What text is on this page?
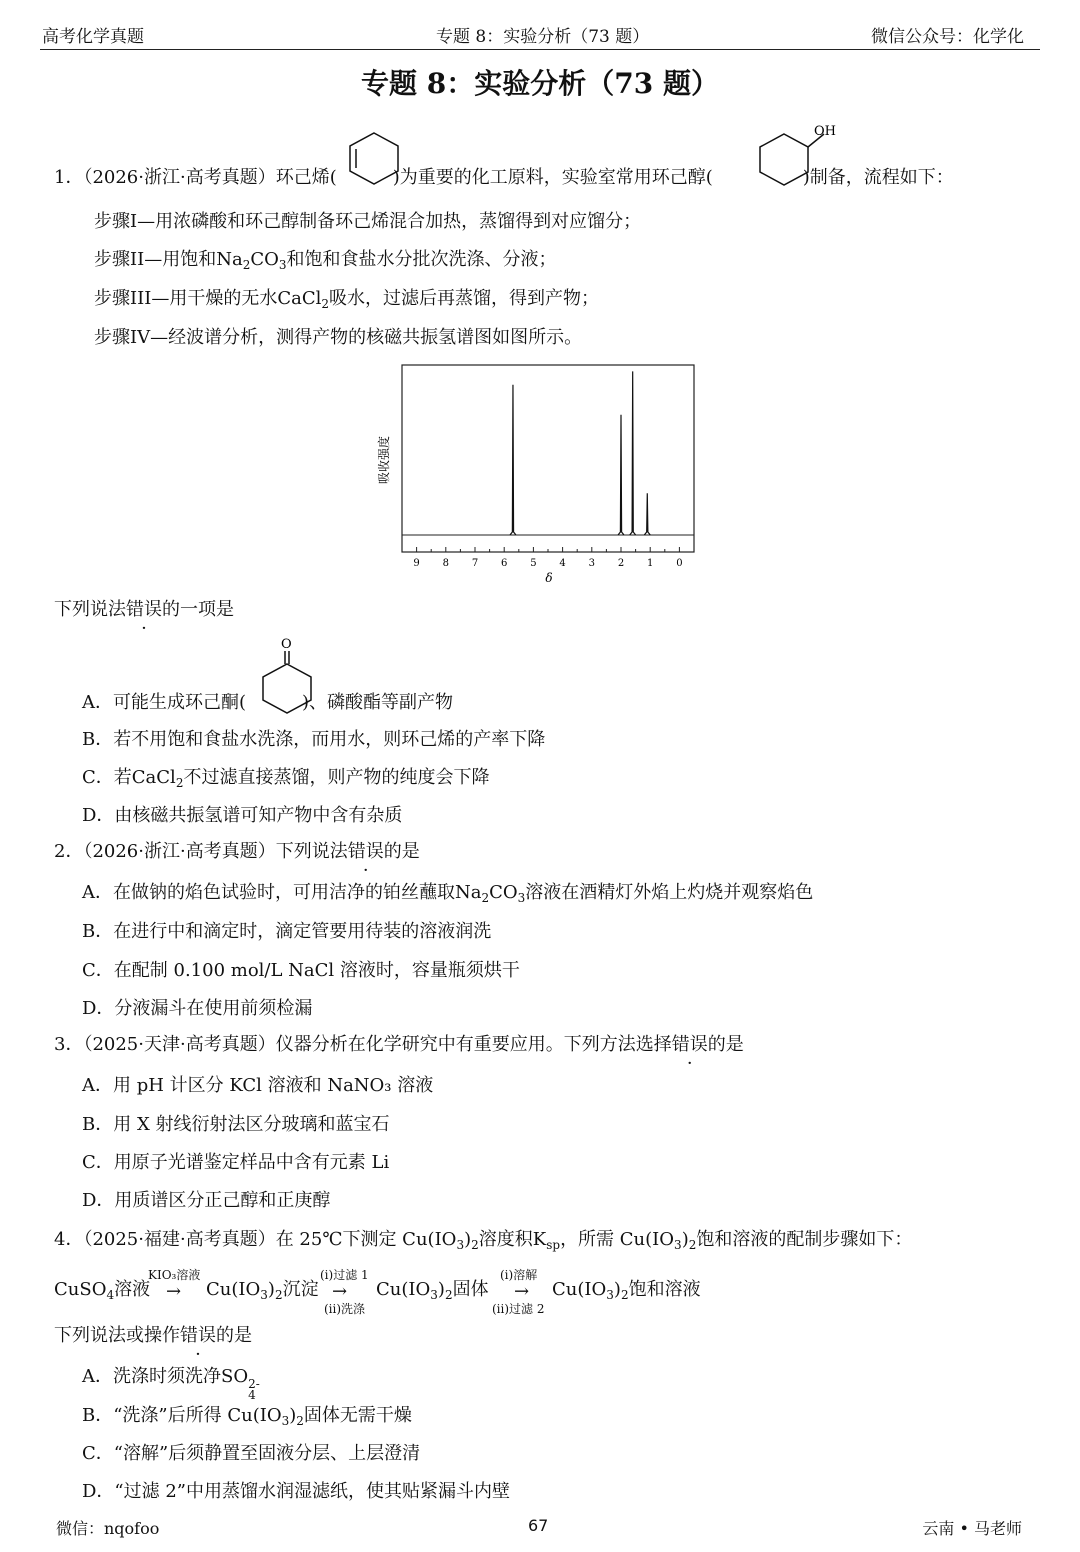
高考化学真题	专题 8：实验分析（73 题）	微信公众号：化学化
专题 8：实验分析（73 题）
1．（2026·浙江·高考真题）环己烯(	)为重要的化工原料，实验室常用环己醇(	)制备，流程如下：
OH
步骤I—用浓磷酸和环己醇制备环己烯混合加热，蒸馏得到对应馏分；
步骤II—用饱和$Na_2CO_3$和饱和食盐水分批次洗涤、分液；
步骤III—用干燥的无水CaCl$_2$吸水，过滤后再蒸馏，得到产物；
步骤IV—经波谱分析，测得产物的核磁共振氢谱图如图所示。
吸收强度
δ
9 8 7 6 5 4 3 2 1 0
下列说法错误的一项是
O
A．可能生成环己酮(	)、磷酸酯等副产物
B．若不用饱和食盐水洗涤，而用水，则环己烯的产率下降
C．若CaCl$_2$不过滤直接蒸馏，则产物的纯度会下降
D．由核磁共振氢谱可知产物中含有杂质
2．（2026·浙江·高考真题）下列说法错误的是
A．在做钠的焰色试验时，可用洁净的铂丝蘸取$Na_2CO_3$溶液在酒精灯外焰上灼烧并观察焰色
B．在进行中和滴定时，滴定管要用待装的溶液润洗
C．在配制 0.100 mol/L NaCl 溶液时，容量瓶须烘干
D．分液漏斗在使用前须检漏
3．（2025·天津·高考真题）仪器分析在化学研究中有重要应用。下列方法选择错误的是
A．用 pH 计区分 KCl 溶液和 NaNO₃ 溶液
B．用 X 射线衍射法区分玻璃和蓝宝石
C．用原子光谱鉴定样品中含有元素 Li
D．用质谱区分正己醇和正庚醇
4．（2025·福建·高考真题）在 25℃下测定 $Cu(IO_3)_2$溶度积$K_{sp}$，所需 $Cu(IO_3)_2$饱和溶液的配制步骤如下：
CuSO$_4$溶液
KIO₃溶液
→ $Cu(IO_3)_2$沉淀
(i)过滤 1
→
(ii)洗涤
$Cu(IO_3)_2$固体
(i)溶解
→
(ii)过滤 2
$Cu(IO_3)_2$饱和溶液
下列说法或操作错误的是
A．洗涤时须洗净SO 2-
4
B．“洗涤”后所得 $Cu(IO_3)_2$固体无需干燥
C．“溶解”后须静置至固液分层、上层澄清
D．“过滤 2”中用蒸馏水润湿滤纸，使其贴紧漏斗内壁
微信：nqofoo	67	云南 • 马老师
